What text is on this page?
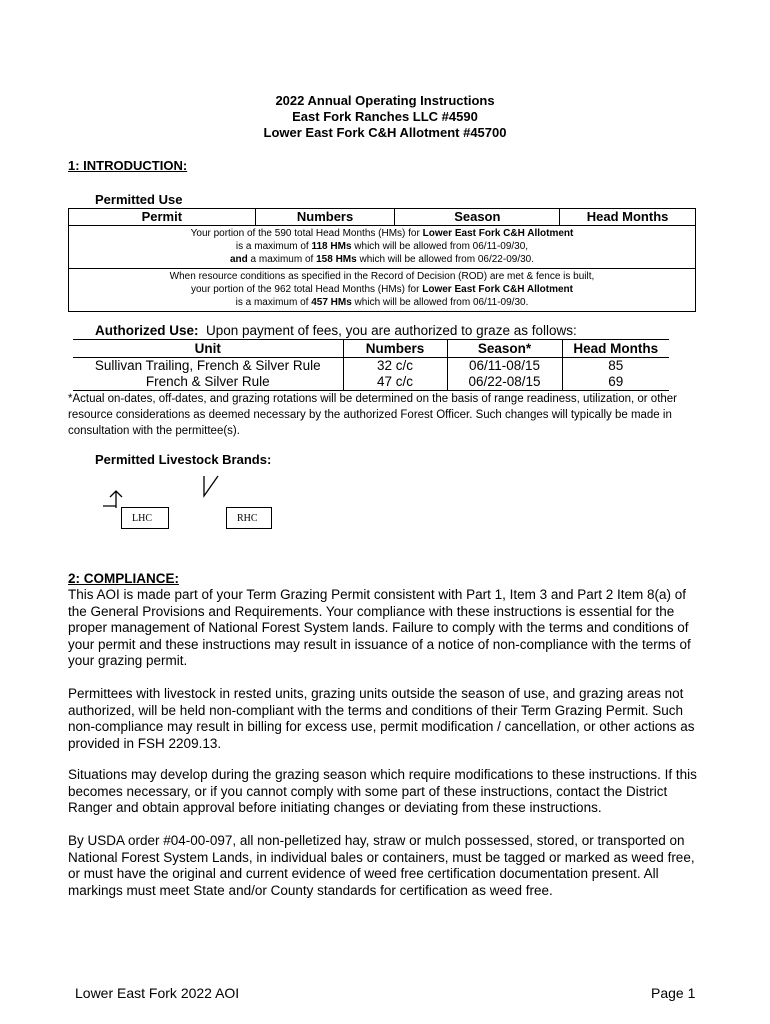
2022 Annual Operating Instructions
East Fork Ranches LLC #4590
Lower East Fork C&H Allotment #45700
1: INTRODUCTION:
Permitted Use
Permit	Numbers	Season	Head Months

Your portion of the 590 total Head Months (HMs) for Lower East Fork C&H Allotment
is a maximum of 118 HMs which will be allowed from 06/11-09/30,
and a maximum of 158 HMs which will be allowed from 06/22-09/30.

When resource conditions as specified in the Record of Decision (ROD) are met & fence is built,
your portion of the 962 total Head Months (HMs) for Lower East Fork C&H Allotment
is a maximum of 457 HMs which will be allowed from 06/11-09/30.
Authorized Use:  Upon payment of fees, you are authorized to graze as follows:
Unit	Numbers	Season*	Head Months
Sullivan Trailing, French & Silver Rule	32 c/c	06/11-08/15	85
French & Silver Rule	47 c/c	06/22-08/15	69
*Actual on-dates, off-dates, and grazing rotations will be determined on the basis of range readiness, utilization, or other resource considerations as deemed necessary by the authorized Forest Officer. Such changes will typically be made in consultation with the permittee(s).
Permitted Livestock Brands:
LHC	RHC
2: COMPLIANCE:
This AOI is made part of your Term Grazing Permit consistent with Part 1, Item 3 and Part 2 Item 8(a) of the General Provisions and Requirements. Your compliance with these instructions is essential for the proper management of National Forest System lands. Failure to comply with the terms and conditions of your permit and these instructions may result in issuance of a notice of non-compliance with the terms of your grazing permit.
Permittees with livestock in rested units, grazing units outside the season of use, and grazing areas not authorized, will be held non-compliant with the terms and conditions of their Term Grazing Permit. Such non-compliance may result in billing for excess use, permit modification / cancellation, or other actions as provided in FSH 2209.13.
Situations may develop during the grazing season which require modifications to these instructions. If this becomes necessary, or if you cannot comply with some part of these instructions, contact the District Ranger and obtain approval before initiating changes or deviating from these instructions.
By USDA order #04-00-097, all non-pelletized hay, straw or mulch possessed, stored, or transported on National Forest System Lands, in individual bales or containers, must be tagged or marked as weed free, or must have the original and current evidence of weed free certification documentation present. All markings must meet State and/or County standards for certification as weed free.
Lower East Fork 2022 AOI	Page 1
